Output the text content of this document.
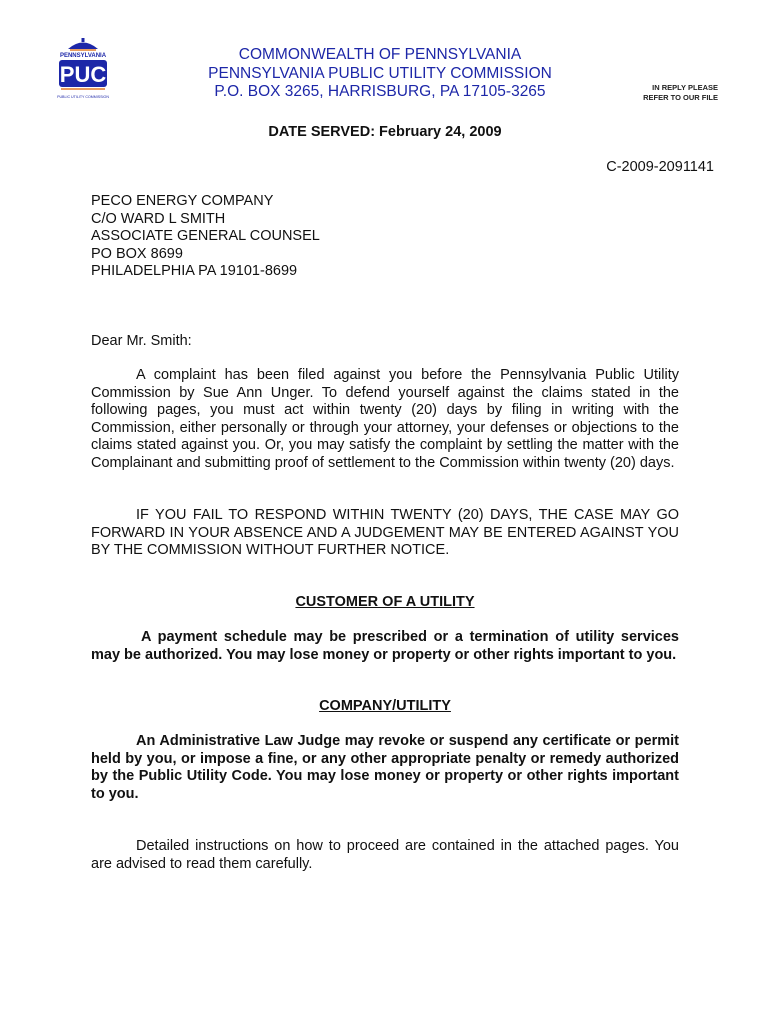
PENNSYLVANIA
PUC
PUBLIC UTILITY COMMISSION
COMMONWEALTH OF PENNSYLVANIA
PENNSYLVANIA PUBLIC UTILITY COMMISSION
P.O. BOX 3265, HARRISBURG, PA 17105-3265	IN REPLY PLEASE
REFER TO OUR FILE
DATE SERVED: February 24, 2009
C-2009-2091141
PECO ENERGY COMPANY
C/O WARD L SMITH
ASSOCIATE GENERAL COUNSEL
PO BOX 8699
PHILADELPHIA PA 19101-8699
Dear Mr. Smith:
A complaint has been filed against you before the Pennsylvania Public Utility Commission by Sue Ann Unger. To defend yourself against the claims stated in the following pages, you must act within twenty (20) days by filing in writing with the Commission, either personally or through your attorney, your defenses or objections to the claims stated against you. Or, you may satisfy the complaint by settling the matter with the Complainant and submitting proof of settlement to the Commission within twenty (20) days.
IF YOU FAIL TO RESPOND WITHIN TWENTY (20) DAYS, THE CASE MAY GO FORWARD IN YOUR ABSENCE AND A JUDGEMENT MAY BE ENTERED AGAINST YOU BY THE COMMISSION WITHOUT FURTHER NOTICE.
CUSTOMER OF A UTILITY
A payment schedule may be prescribed or a termination of utility services may be authorized. You may lose money or property or other rights important to you.
COMPANY/UTILITY
An Administrative Law Judge may revoke or suspend any certificate or permit held by you, or impose a fine, or any other appropriate penalty or remedy authorized by the Public Utility Code. You may lose money or property or other rights important to you.
Detailed instructions on how to proceed are contained in the attached pages. You are advised to read them carefully.
